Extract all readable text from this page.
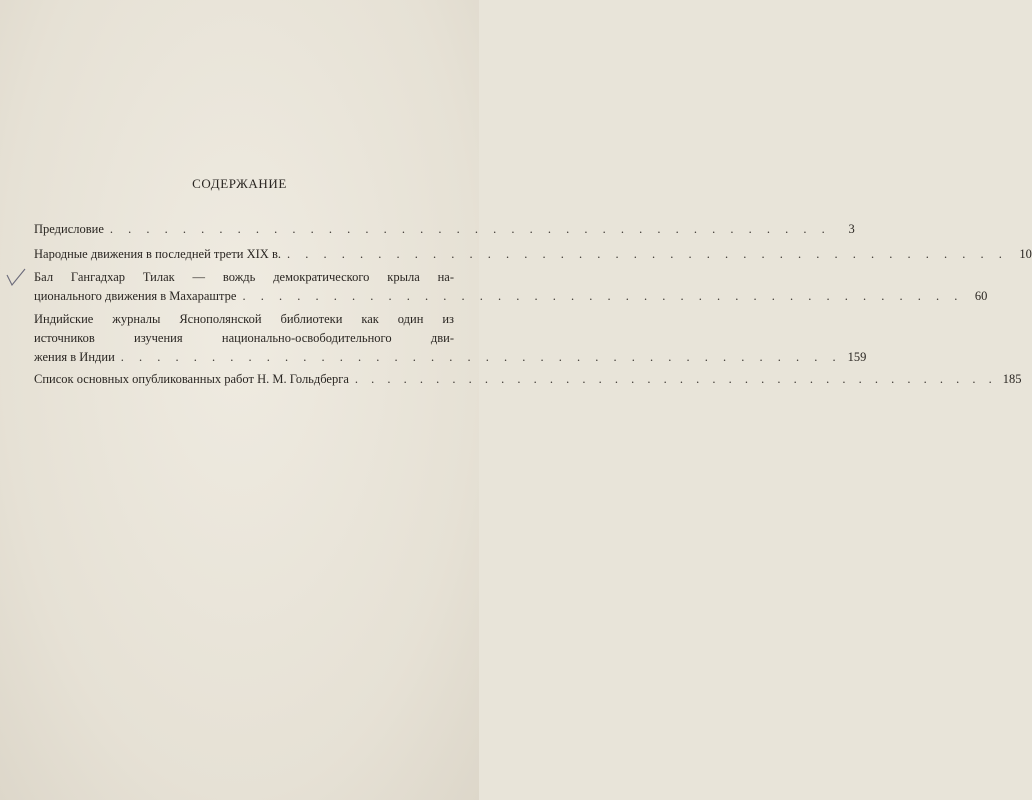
СОДЕРЖАНИЕ
Предисловие . . . . . . . . . . . . . . . . . . . . . . . . . . . . . . . . . . . . . . . .	3
Народные движения в последней трети XIX в. . . . . . . . . . . . . . . . . . . . . . . . . . . . . . . . . . . . . . . . . 10
Бал Гангадхар Тилак — вождь демократического крыла на-
ционального движения в Махараштре . . . . . . . . . . . . . . . . . . . . . . . . . . . . . . . . . . . . . . . . 60
Индийские журналы Яснополянской библиотеки как один из
источников изучения национально-освободительного дви-
жения в Индии . . . . . . . . . . . . . . . . . . . . . . . . . . . . . . . . . . . . . . . . 159
Список основных опубликованных работ Н. М. Гольдберга . . . . . . . . . . . . . . . . . . . . . . . . . . . . . . . . . . . . . . . . 185
